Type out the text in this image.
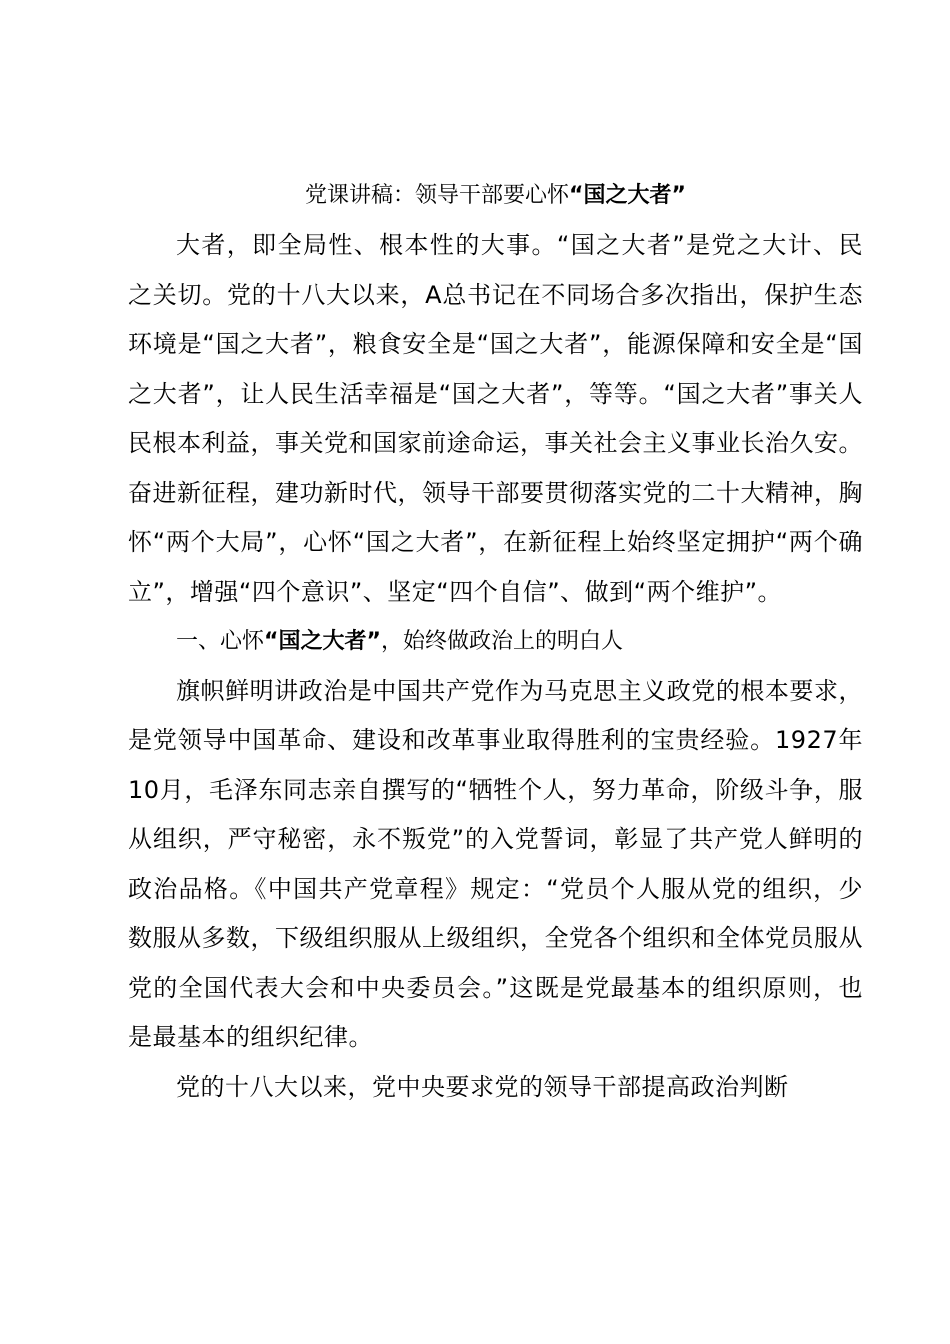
党课讲稿：领导干部要心怀“国之大者”

大者，即全局性、根本性的大事。“国之大者”是党之大计、民之关切。党的十八大以来，A总书记在不同场合多次指出，保护生态环境是“国之大者”，粮食安全是“国之大者”，能源保障和安全是“国之大者”，让人民生活幸福是“国之大者”，等等。“国之大者”事关人民根本利益，事关党和国家前途命运，事关社会主义事业长治久安。奋进新征程，建功新时代，领导干部要贯彻落实党的二十大精神，胸怀“两个大局”，心怀“国之大者”，在新征程上始终坚定拥护“两个确立”，增强“四个意识”、坚定“四个自信”、做到“两个维护”。

一、心怀“国之大者”，始终做政治上的明白人

旗帜鲜明讲政治是中国共产党作为马克思主义政党的根本要求，是党领导中国革命、建设和改革事业取得胜利的宝贵经验。1927年10月，毛泽东同志亲自撰写的“牺牲个人，努力革命，阶级斗争，服从组织，严守秘密，永不叛党”的入党誓词，彰显了共产党人鲜明的政治品格。《中国共产党章程》规定：“党员个人服从党的组织，少数服从多数，下级组织服从上级组织，全党各个组织和全体党员服从党的全国代表大会和中央委员会。”这既是党最基本的组织原则，也是最基本的组织纪律。

党的十八大以来，党中央要求党的领导干部提高政治判断
